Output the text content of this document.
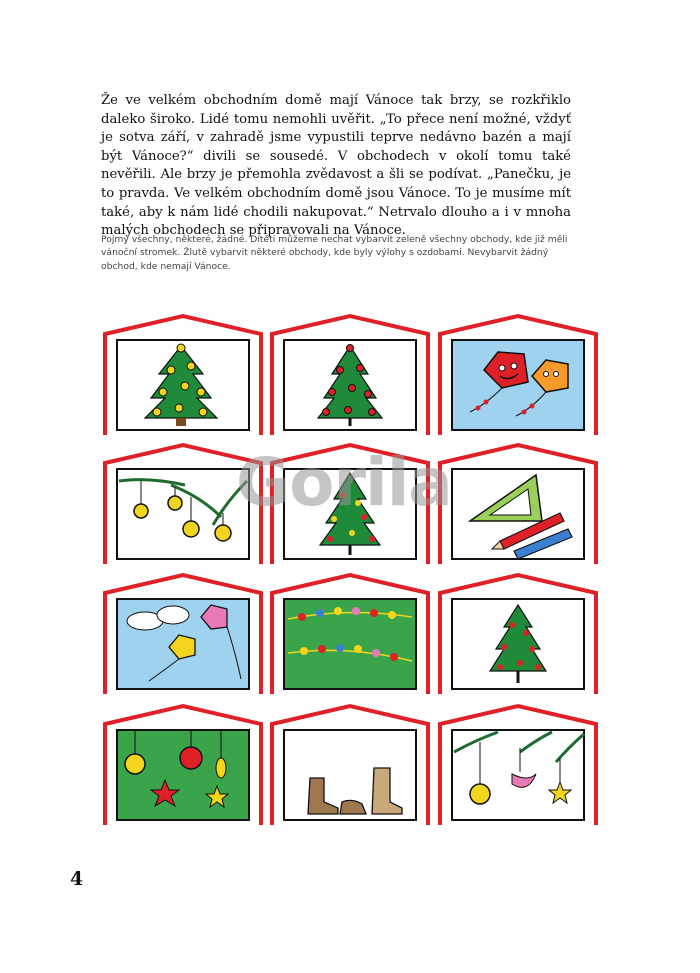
Že ve velkém obchodním domě mají Vánoce tak brzy, se rozkřiklo daleko široko. Lidé tomu nemohli uvěřit. „To přece není možné, vždyť je sotva září, v zahradě jsme vypustili teprve nedávno bazén a mají být Vánoce?“ divili se sousedé. V obchodech v okolí tomu také nevěřili. Ale brzy je přemohla zvědavost a šli se podívat. „Panečku, je to pravda. Ve velkém obchodním domě jsou Vánoce. To je musíme mít také, aby k nám lidé chodili nakupovat.“ Netrvalo dlouho a i v mnoha malých obchodech se připravovali na Vánoce.

Pojmy všechny, některé, žádné. Dítěti můžeme nechat vybarvit zeleně všechny obchody, kde již měli vánoční stromek. Žlutě vybarvit některé obchody, kde byly výlohy s ozdobami. Nevybarvit žádný obchod, kde nemají Vánoce.

Gorila
4
